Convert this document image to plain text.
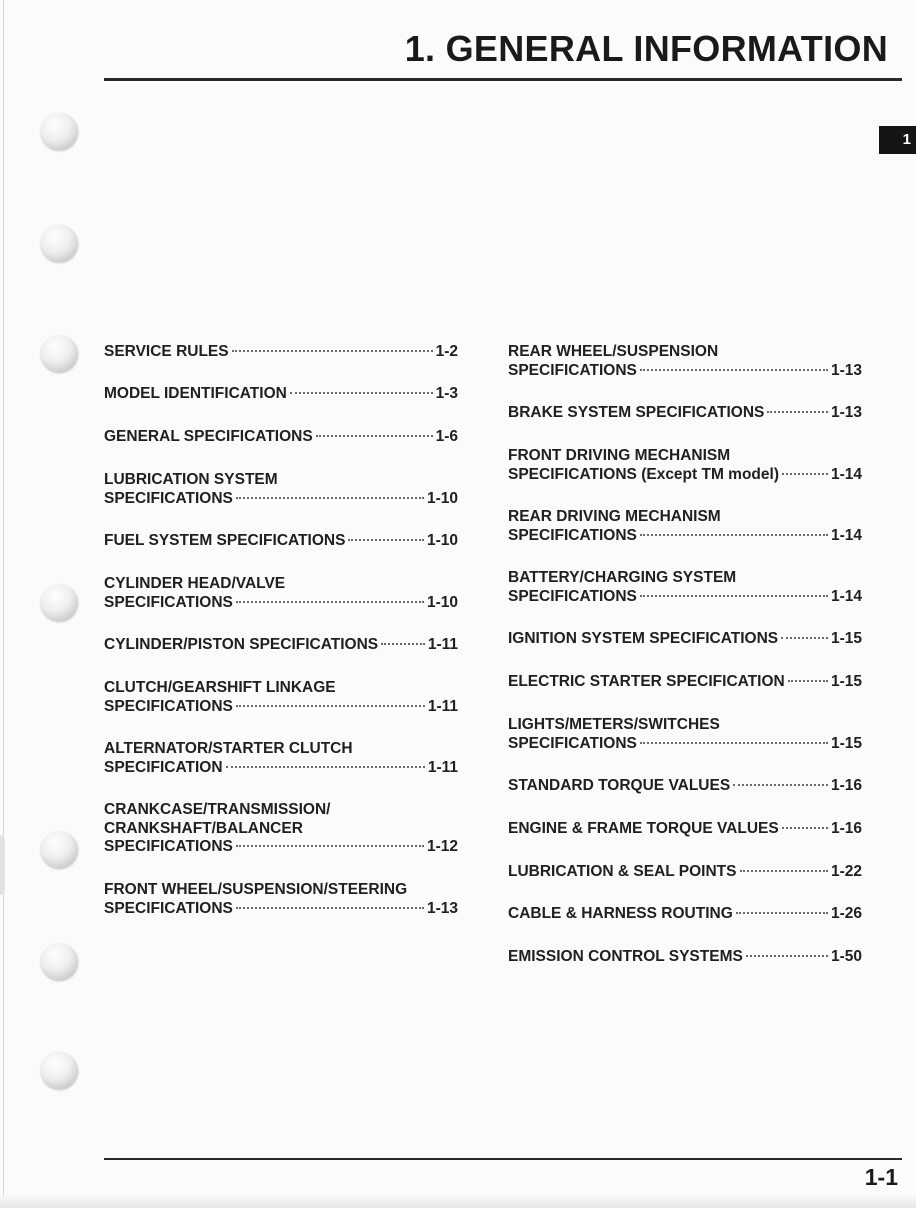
1. GENERAL INFORMATION
1
SERVICE RULES	1-2
MODEL IDENTIFICATION	1-3
GENERAL SPECIFICATIONS	1-6
LUBRICATION SYSTEM
SPECIFICATIONS	1-10
FUEL SYSTEM SPECIFICATIONS	1-10
CYLINDER HEAD/VALVE
SPECIFICATIONS	1-10
CYLINDER/PISTON SPECIFICATIONS	1-11
CLUTCH/GEARSHIFT LINKAGE
SPECIFICATIONS	1-11
ALTERNATOR/STARTER CLUTCH
SPECIFICATION	1-11
CRANKCASE/TRANSMISSION/
CRANKSHAFT/BALANCER
SPECIFICATIONS	1-12
FRONT WHEEL/SUSPENSION/STEERING
SPECIFICATIONS	1-13
REAR WHEEL/SUSPENSION
SPECIFICATIONS	1-13
BRAKE SYSTEM SPECIFICATIONS	1-13
FRONT DRIVING MECHANISM
SPECIFICATIONS (Except TM model)	1-14
REAR DRIVING MECHANISM
SPECIFICATIONS	1-14
BATTERY/CHARGING SYSTEM
SPECIFICATIONS	1-14
IGNITION SYSTEM SPECIFICATIONS	1-15
ELECTRIC STARTER SPECIFICATION	1-15
LIGHTS/METERS/SWITCHES
SPECIFICATIONS	1-15
STANDARD TORQUE VALUES	1-16
ENGINE & FRAME TORQUE VALUES	1-16
LUBRICATION & SEAL POINTS	1-22
CABLE & HARNESS ROUTING	1-26
EMISSION CONTROL SYSTEMS	1-50
1-1
